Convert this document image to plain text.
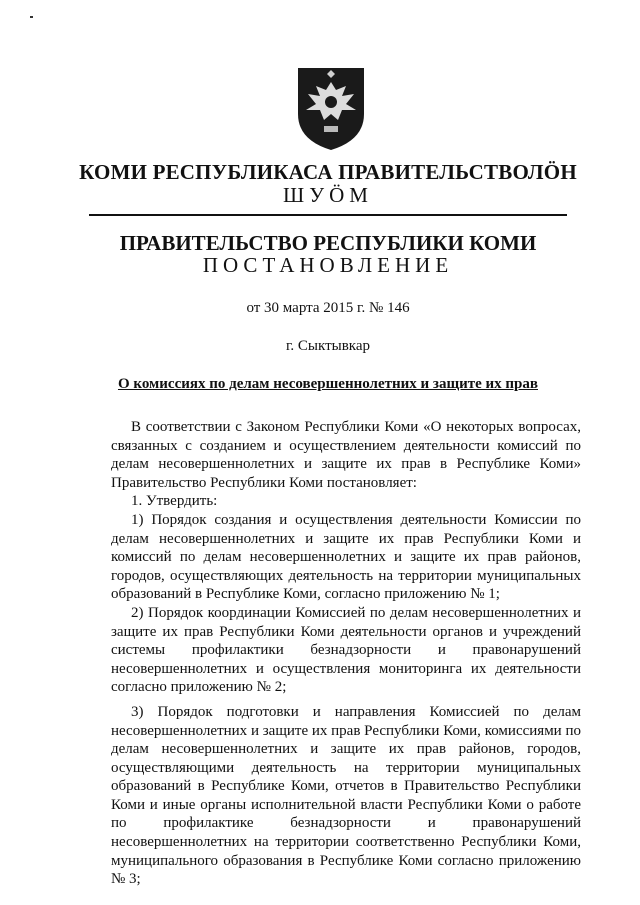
КОМИ РЕСПУБЛИКАСА ПРАВИТЕЛЬСТВОЛÖН
ШУÖМ
ПРАВИТЕЛЬСТВО РЕСПУБЛИКИ КОМИ
ПОСТАНОВЛЕНИЕ
от 30 марта 2015 г. № 146
г. Сыктывкар
О комиссиях по делам несовершеннолетних и защите их прав

В соответствии с Законом Республики Коми «О некоторых вопросах, связанных с созданием и осуществлением деятельности комиссий по делам несовершеннолетних и защите их прав в Республике Коми» Правительство Республики Коми постановляет:

1. Утвердить:

1) Порядок создания и осуществления деятельности Комиссии по делам несовершеннолетних и защите их прав Республики Коми и комиссий по делам несовершеннолетних и защите их прав районов, городов, осуществляющих деятельность на территории муниципальных образований в Республике Коми, согласно приложению № 1;

2) Порядок координации Комиссией по делам несовершеннолетних и защите их прав Республики Коми деятельности органов и учреждений системы профилактики безнадзорности и правонарушений несовершеннолетних и осуществления мониторинга их деятельности согласно приложению № 2;

3) Порядок подготовки и направления Комиссией по делам несовершеннолетних и защите их прав Республики Коми, комиссиями по делам несовершеннолетних и защите их прав районов, городов, осуществляющими деятельность на территории муниципальных образований в Республике Коми, отчетов в Правительство Республики Коми и иные органы исполнительной власти Республики Коми о работе по профилактике безнадзорности и правонарушений несовершеннолетних на территории соответственно Республики Коми, муниципального образования в Республике Коми согласно приложению № 3;
